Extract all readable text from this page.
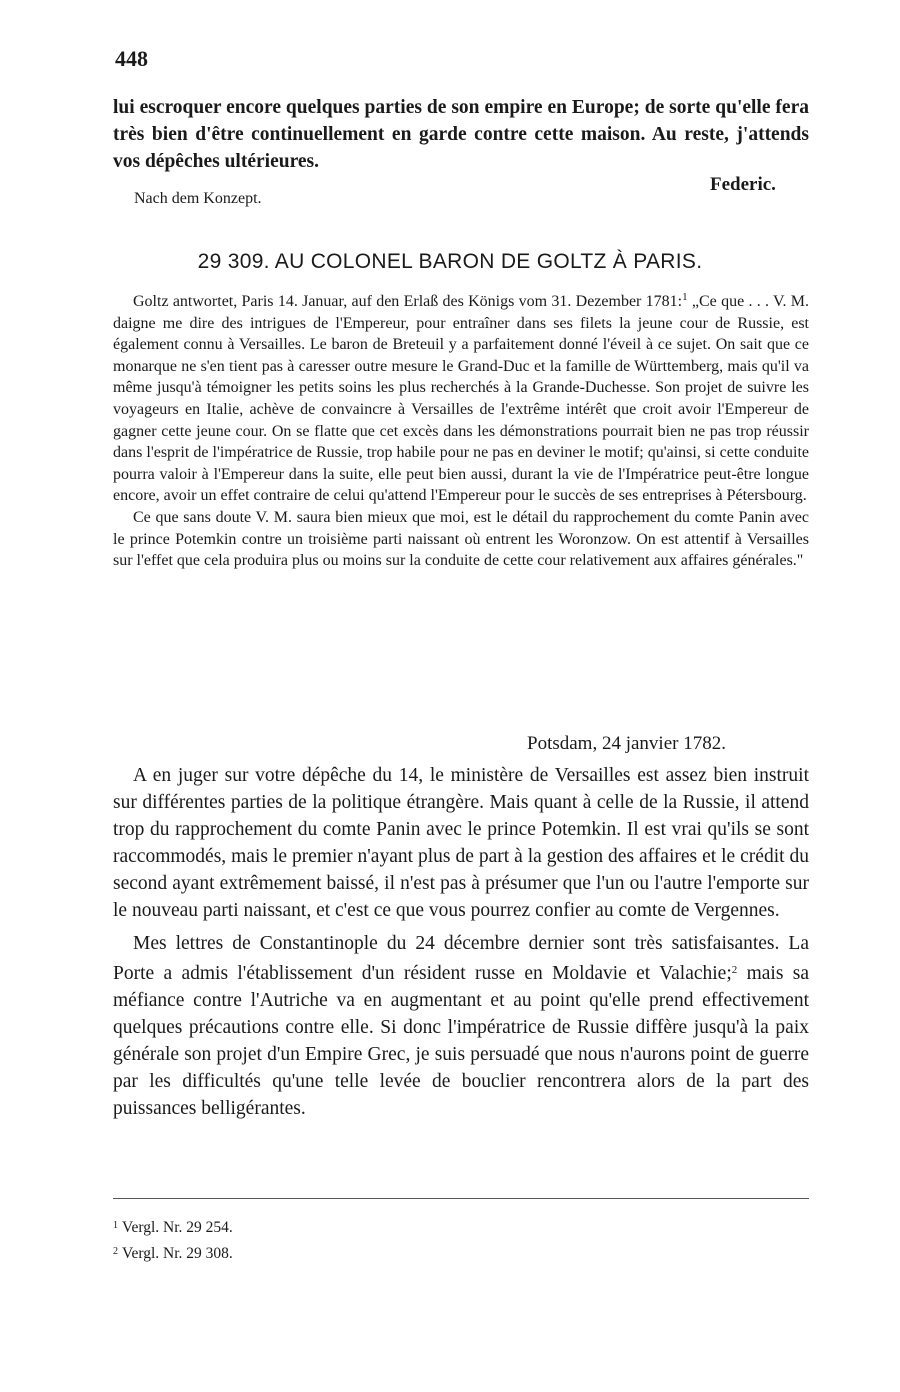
448

lui escroquer encore quelques parties de son empire en Europe; de sorte qu'elle fera très bien d'être continuellement en garde contre cette maison. Au reste, j'attends vos dépêches ultérieures.

Federic.
Nach dem Konzept.
29 309. AU COLONEL BARON DE GOLTZ À PARIS.

Goltz antwortet, Paris 14. Januar, auf den Erlaß des Königs vom 31. Dezember 1781:$^1$ „Ce que . . . V. M. daigne me dire des intrigues de l'Empereur, pour entraîner dans ses filets la jeune cour de Russie, est également connu à Versailles. Le baron de Breteuil y a parfaitement donné l'éveil à ce sujet. On sait que ce monarque ne s'en tient pas à caresser outre mesure le Grand-Duc et la famille de Württemberg, mais qu'il va même jusqu'à témoigner les petits soins les plus recherchés à la Grande-Duchesse. Son projet de suivre les voyageurs en Italie, achève de convaincre à Versailles de l'extrême intérêt que croit avoir l'Empereur de gagner cette jeune cour. On se flatte que cet excès dans les démonstrations pourrait bien ne pas trop réussir dans l'esprit de l'impératrice de Russie, trop habile pour ne pas en deviner le motif; qu'ainsi, si cette conduite pourra valoir à l'Empereur dans la suite, elle peut bien aussi, durant la vie de l'Impératrice peut-être longue encore, avoir un effet contraire de celui qu'attend l'Empereur pour le succès de ses entreprises à Pétersbourg.

Ce que sans doute V. M. saura bien mieux que moi, est le détail du rapprochement du comte Panin avec le prince Potemkin contre un troisième parti naissant où entrent les Woronzow. On est attentif à Versailles sur l'effet que cela produira plus ou moins sur la conduite de cette cour relativement aux affaires générales."

Potsdam, 24 janvier 1782.

A en juger sur votre dépêche du 14, le ministère de Versailles est assez bien instruit sur différentes parties de la politique étrangère. Mais quant à celle de la Russie, il attend trop du rapprochement du comte Panin avec le prince Potemkin. Il est vrai qu'ils se sont raccommodés, mais le premier n'ayant plus de part à la gestion des affaires et le crédit du second ayant extrêmement baissé, il n'est pas à présumer que l'un ou l'autre l'emporte sur le nouveau parti naissant, et c'est ce que vous pourrez confier au comte de Vergennes.

Mes lettres de Constantinople du 24 décembre dernier sont très satisfaisantes. La Porte a admis l'établissement d'un résident russe en Moldavie et Valachie;$^2$ mais sa méfiance contre l'Autriche va en augmentant et au point qu'elle prend effectivement quelques précautions contre elle. Si donc l'impératrice de Russie diffère jusqu'à la paix générale son projet d'un Empire Grec, je suis persuadé que nous n'aurons point de guerre par les difficultés qu'une telle levée de bouclier rencontrera alors de la part des puissances belligérantes.

$^1$ Vergl. Nr. 29 254.
$^2$ Vergl. Nr. 29 308.
